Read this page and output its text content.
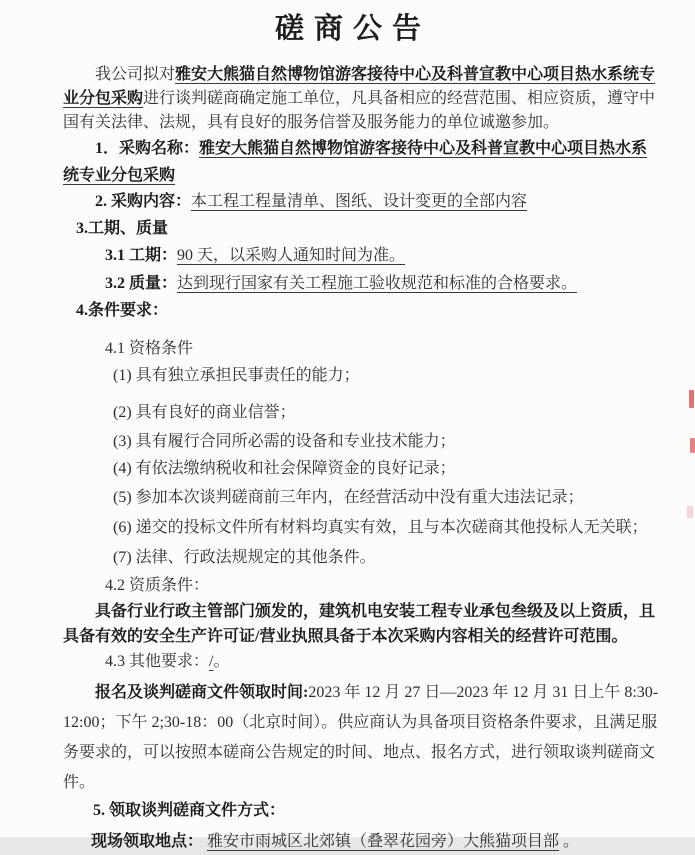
磋商公告

我公司拟对雅安大熊猫自然博物馆游客接待中心及科普宣教中心项目热水系统专业分包采购进行谈判磋商确定施工单位，凡具备相应的经营范围、相应资质，遵守中国有关法律、法规，具有良好的服务信誉及服务能力的单位诚邀参加。

1．采购名称：雅安大熊猫自然博物馆游客接待中心及科普宣教中心项目热水系统专业分包采购

2. 采购内容：本工程工程量清单、图纸、设计变更的全部内容

3.工期、质量

3.1 工期：90 天，以采购人通知时间为准。

3.2 质量：达到现行国家有关工程施工验收规范和标准的合格要求。

4.条件要求：

4.1 资格条件

(1) 具有独立承担民事责任的能力；

(2) 具有良好的商业信誉；

(3) 具有履行合同所必需的设备和专业技术能力；

(4) 有依法缴纳税收和社会保障资金的良好记录；

(5) 参加本次谈判磋商前三年内，在经营活动中没有重大违法记录；

(6) 递交的投标文件所有材料均真实有效，且与本次磋商其他投标人无关联；

(7) 法律、行政法规规定的其他条件。

4.2 资质条件：

具备行业行政主管部门颁发的，建筑机电安装工程专业承包叁级及以上资质，且具备有效的安全生产许可证/营业执照具备于本次采购内容相关的经营许可范围。

4.3 其他要求：/。

报名及谈判磋商文件领取时间:2023 年 12 月 27 日—2023 年 12 月 31 日上午 8:30-12:00；下午 2;30-18：00（北京时间）。供应商认为具备项目资格条件要求，且满足服务要求的，可以按照本磋商公告规定的时间、地点、报名方式，进行领取谈判磋商文件。

5. 领取谈判磋商文件方式：

现场领取地点： 雅安市雨城区北郊镇（叠翠花园旁）大熊猫项目部 。
